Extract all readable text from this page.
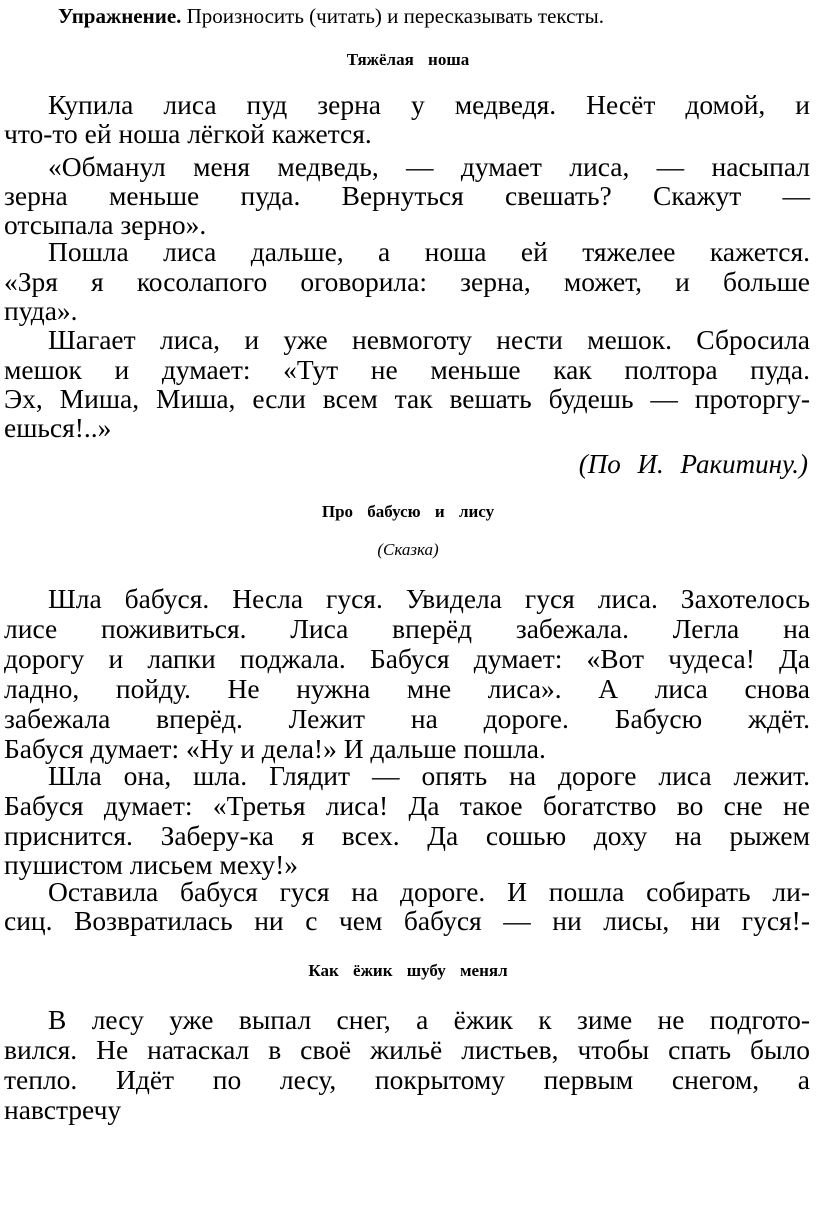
Упражнение. Произносить (читать) и пересказывать тексты.
Тяжёлая ноша
Купила лиса пуд зерна у медведя. Несёт домой, и
что-то ей ноша лёгкой кажется.
«Обманул меня медведь, — думает лиса, — насыпал
зерна меньше пуда. Вернуться свешать? Скажут —
отсыпала зерно».
Пошла лиса дальше, а ноша ей тяжелее кажется.
«Зря я косолапого оговорила: зерна, может, и больше
пуда».
Шагает лиса, и уже невмоготу нести мешок. Сбросила
мешок и думает: «Тут не меньше как полтора пуда.
Эх, Миша, Миша, если всем так вешать будешь — проторгу-
ешься!..»
(По И. Ракитину.)
Про бабусю и лису
(Сказка)
Шла бабуся. Несла гуся. Увидела гуся лиса. Захотелось
лисе поживиться. Лиса вперёд забежала. Легла на
дорогу и лапки поджала. Бабуся думает: «Вот чудеса! Да
ладно, пойду. Не нужна мне лиса». А лиса снова
забежала вперёд. Лежит на дороге. Бабусю ждёт.
Бабуся думает: «Ну и дела!» И дальше пошла.
Шла она, шла. Глядит — опять на дороге лиса лежит.
Бабуся думает: «Третья лиса! Да такое богатство во сне не
приснится. Заберу-ка я всех. Да сошью доху на рыжем
пушистом лисьем меху!»
Оставила бабуся гуся на дороге. И пошла собирать ли-
сиц. Возвратилась ни с чем бабуся — ни лисы, ни гуся!-
Как ёжик шубу менял
В лесу уже выпал снег, а ёжик к зиме не подгото-
вился. Не натаскал в своё жильё листьев, чтобы спать было
тепло. Идёт по лесу, покрытому первым снегом, а
навстречу
